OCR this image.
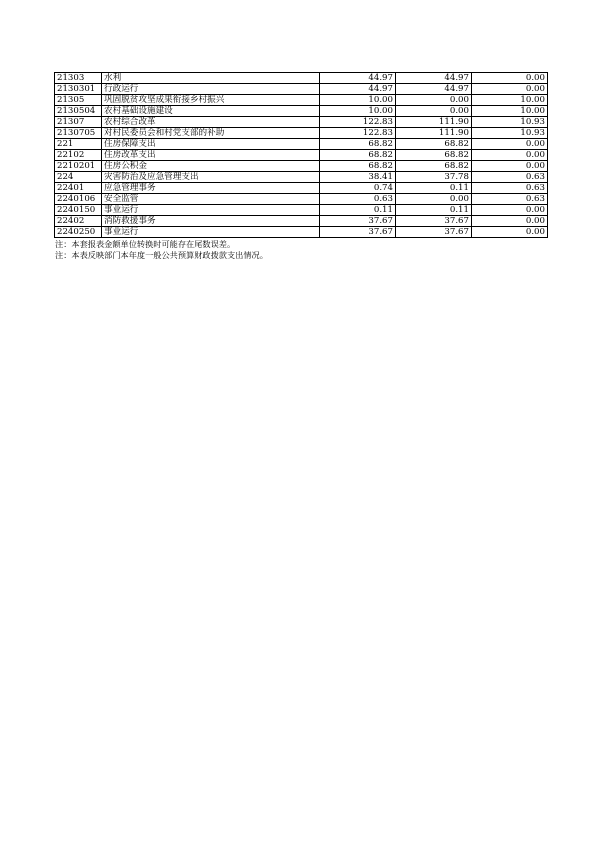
21303	水利	44.97	44.97	0.00
2130301	行政运行	44.97	44.97	0.00
21305	巩固脱贫攻坚成果衔接乡村振兴	10.00	0.00	10.00
2130504	农村基础设施建设	10.00	0.00	10.00
21307	农村综合改革	122.83	111.90	10.93
2130705	对村民委员会和村党支部的补助	122.83	111.90	10.93
221	住房保障支出	68.82	68.82	0.00
22102	住房改革支出	68.82	68.82	0.00
2210201	住房公积金	68.82	68.82	0.00
224	灾害防治及应急管理支出	38.41	37.78	0.63
22401	应急管理事务	0.74	0.11	0.63
2240106	安全监管	0.63	0.00	0.63
2240150	事业运行	0.11	0.11	0.00
22402	消防救援事务	37.67	37.67	0.00
2240250	事业运行	37.67	37.67	0.00
注：本套报表金额单位转换时可能存在尾数误差。
注：本表反映部门本年度一般公共预算财政拨款支出情况。
